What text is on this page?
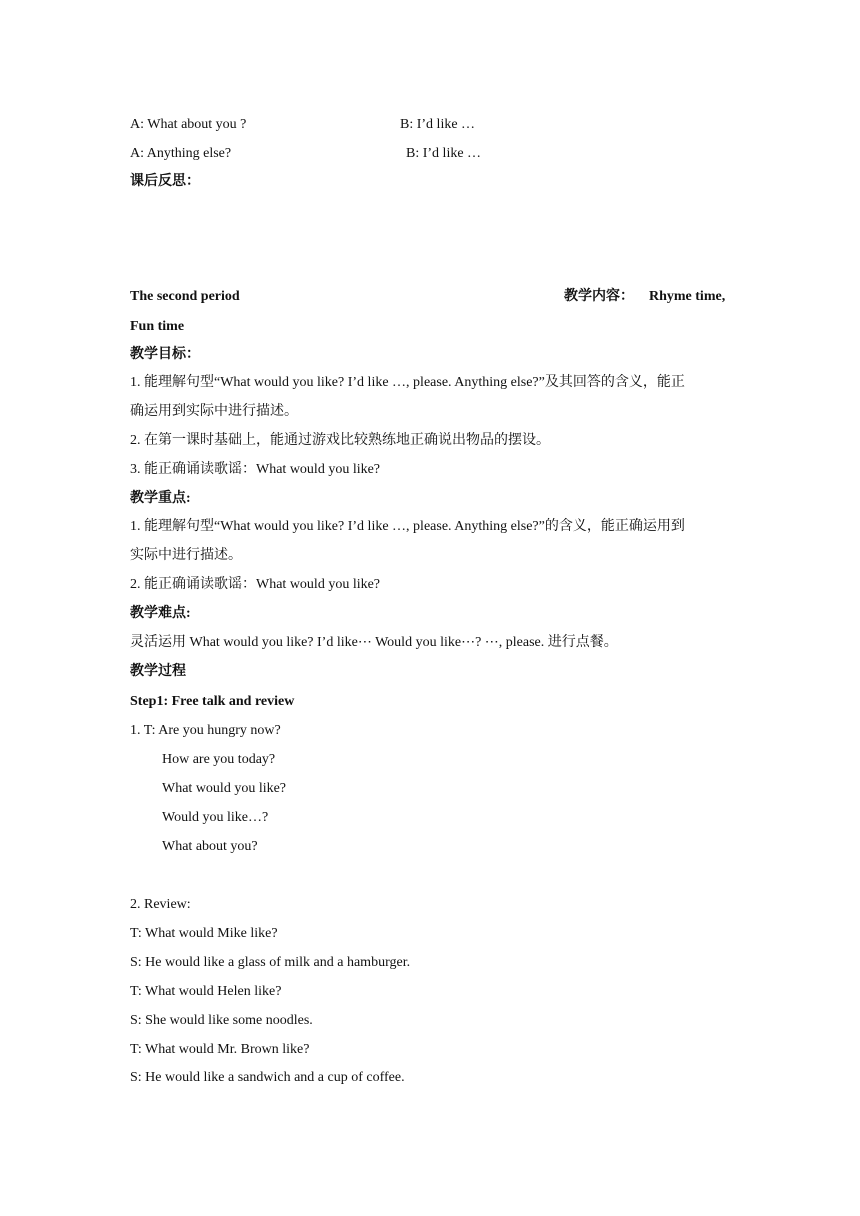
A: What about you ?	B: I’d like …
A: Anything else?	B: I’d like …
课后反思：
The second period	教学内容： Rhyme time,
Fun time
教学目标：
1. 能理解句型“What would you like? I’d like …, please. Anything else?”及其回答的含义，能正
确运用到实际中进行描述。
2. 在第一课时基础上，能通过游戏比较熟练地正确说出物品的摆设。
3. 能正确诵读歌谣：What would you like?
教学重点:
1. 能理解句型“What would you like? I’d like …, please. Anything else?”的含义，能正确运用到
实际中进行描述。
2. 能正确诵读歌谣：What would you like?
教学难点:
灵活运用 What would you like? I’d like⋯ Would you like⋯? ⋯, please. 进行点餐。
教学过程
Step1: Free talk and review
1. T: Are you hungry now?
How are you today?
What would you like?
Would you like…?
What about you?
2. Review:
T: What would Mike like?
S: He would like a glass of milk and a hamburger.
T: What would Helen like?
S: She would like some noodles.
T: What would Mr. Brown like?
S: He would like a sandwich and a cup of coffee.
